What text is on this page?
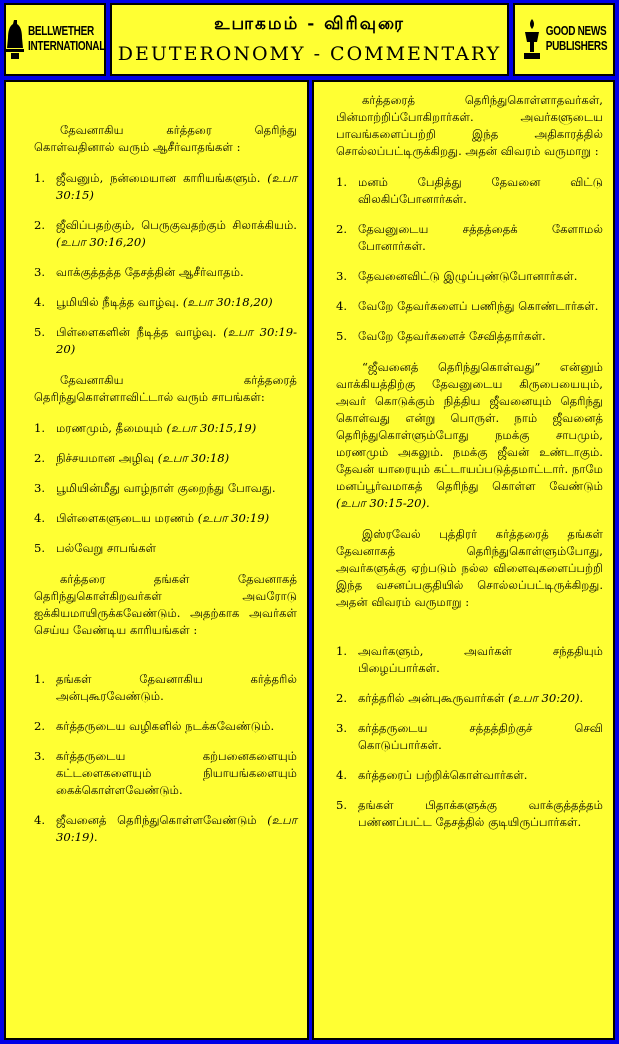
BELLWETHER
INTERNATIONAL
உபாகமம் - விரிவுரை
DEUTERONOMY - COMMENTARY
GOOD NEWS
PUBLISHERS

தேவனாகிய கர்த்தரை தெரிந்து கொள்வதினால் வரும் ஆசீர்வாதங்கள் :

1. ஜீவனும், நன்மையான காரியங்களும். (உபா 30:15)
2. ஜீவிப்பதற்கும், பெருகுவதற்கும் சிலாக்கியம். (உபா 30:16,20)
3. வாக்குத்தத்த தேசத்தின் ஆசீர்வாதம்.
4. பூமியில் நீடித்த வாழ்வு. (உபா 30:18,20)
5. பிள்ளைகளின் நீடித்த வாழ்வு. (உபா 30:19-20)

தேவனாகிய கர்த்தரைத் தெரிந்துகொள்ளாவிட்டால் வரும் சாபங்கள்:

1. மரணமும், தீமையும் (உபா 30:15,19)
2. நிச்சயமான அழிவு (உபா 30:18)
3. பூமியின்மீது வாழ்நாள் குறைந்து போவது.
4. பிள்ளைகளுடைய மரணம் (உபா 30:19)
5. பல்வேறு சாபங்கள்

கர்த்தரை தங்கள் தேவனாகத் தெரிந்துகொள்கிறவர்கள் அவரோடு ஐக்கியமாயிருக்கவேண்டும். அதற்காக அவர்கள் செய்ய வேண்டிய காரியங்கள் :

1. தங்கள் தேவனாகிய கர்த்தரில் அன்புகூரவேண்டும்.
2. கர்த்தருடைய வழிகளில் நடக்கவேண்டும்.
3. கர்த்தருடைய கற்பனைகளையும் கட்டளைகளையும் நியாயங்களையும் கைக்கொள்ளவேண்டும்.
4. ஜீவனைத் தெரிந்துகொள்ளவேண்டும் (உபா 30:19).

கர்த்தரைத் தெரிந்துகொள்ளாதவர்கள், பின்மாற்றிப்போகிறார்கள். அவர்களுடைய பாவங்களைப்பற்றி இந்த அதிகாரத்தில் சொல்லப்பட்டிருக்கிறது. அதன் விவரம் வருமாறு :

1. மனம் பேதித்து தேவனை விட்டு விலகிப்போனார்கள்.
2. தேவனுடைய சத்தத்தைக் கேளாமல் போனார்கள்.
3. தேவனைவிட்டு இழுப்புண்டுபோனார்கள்.
4. வேறே தேவர்களைப் பணிந்து கொண்டார்கள்.
5. வேறே தேவர்களைச் சேவித்தார்கள்.

“ஜீவனைத் தெரிந்துகொள்வது” என்னும் வாக்கியத்திற்கு தேவனுடைய கிருபையையும், அவர் கொடுக்கும் நித்திய ஜீவனையும் தெரிந்து கொள்வது என்று பொருள். நாம் ஜீவனைத் தெரிந்துகொள்ளும்போது நமக்கு சாபமும், மரணமும் அகலும். நமக்கு ஜீவன் உண்டாகும். தேவன் யாரையும் கட்டாயப்படுத்தமாட்டார். நாமே மனப்பூர்வமாகத் தெரிந்து கொள்ள வேண்டும் (உபா 30:15-20).

இஸ்ரவேல் புத்திரர் கர்த்தரைத் தங்கள் தேவனாகத் தெரிந்துகொள்ளும்போது, அவர்களுக்கு ஏற்படும் நல்ல விளைவுகளைப்பற்றி இந்த வசனப்பகுதியில் சொல்லப்பட்டிருக்கிறது. அதன் விவரம் வருமாறு :

1. அவர்களும், அவர்கள் சந்ததியும் பிழைப்பார்கள்.
2. கர்த்தரில் அன்புகூருவார்கள் (உபா 30:20).
3. கர்த்தருடைய சத்தத்திற்குச் செவி கொடுப்பார்கள்.
4. கர்த்தரைப் பற்றிக்கொள்வார்கள்.
5. தங்கள் பிதாக்களுக்கு வாக்குத்தத்தம் பண்ணப்பட்ட தேசத்தில் குடியிருப்பார்கள்.
